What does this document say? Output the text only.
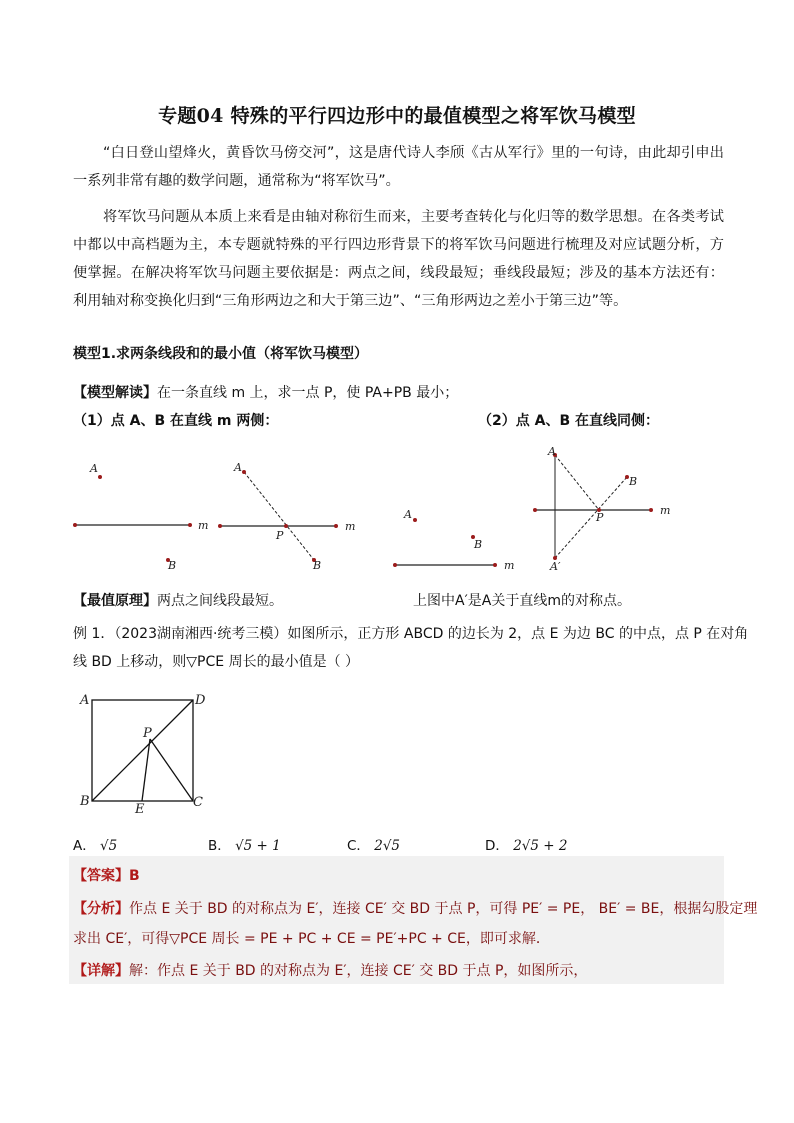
专题04 特殊的平行四边形中的最值模型之将军饮马模型
“白日登山望烽火，黄昏饮马傍交河”，这是唐代诗人李颀《古从军行》里的一句诗，由此却引申出一系列非常有趣的数学问题，通常称为“将军饮马”。
将军饮马问题从本质上来看是由轴对称衍生而来，主要考查转化与化归等的数学思想。在各类考试中都以中高档题为主，本专题就特殊的平行四边形背景下的将军饮马问题进行梳理及对应试题分析，方便掌握。在解决将军饮马问题主要依据是：两点之间，线段最短；垂线段最短；涉及的基本方法还有：利用轴对称变换化归到“三角形两边之和大于第三边”、“三角形两边之差小于第三边”等。
模型1.求两条线段和的最小值（将军饮马模型）
【模型解读】在一条直线 m 上，求一点 P，使 PA+PB 最小；
（1）点 A、B 在直线 m 两侧：	（2）点 A、B 在直线同侧：
A
B
m
A
P
B
m
A
B
m
A
B
P
A′
m
【最值原理】两点之间线段最短。	上图中A′是A关于直线m的对称点。
例 1．（2023湖南湘西·统考三模）如图所示，正方形 ABCD 的边长为 2，点 E 为边 BC 的中点，点 P 在对角
线 BD 上移动，则▽PCE 周长的最小值是（ ）
A	D
B	C
P
E
A． √5	B． √5 + 1	C． 2√5	D． 2√5 + 2
【答案】B
【分析】作点 E 关于 BD 的对称点为 E′，连接 CE′ 交 BD 于点 P，可得 PE′ = PE， BE′ = BE，根据勾股定理
求出 CE′，可得▽PCE 周长 = PE + PC + CE = PE′+PC + CE，即可求解．
【详解】解：作点 E 关于 BD 的对称点为 E′，连接 CE′ 交 BD 于点 P，如图所示，
